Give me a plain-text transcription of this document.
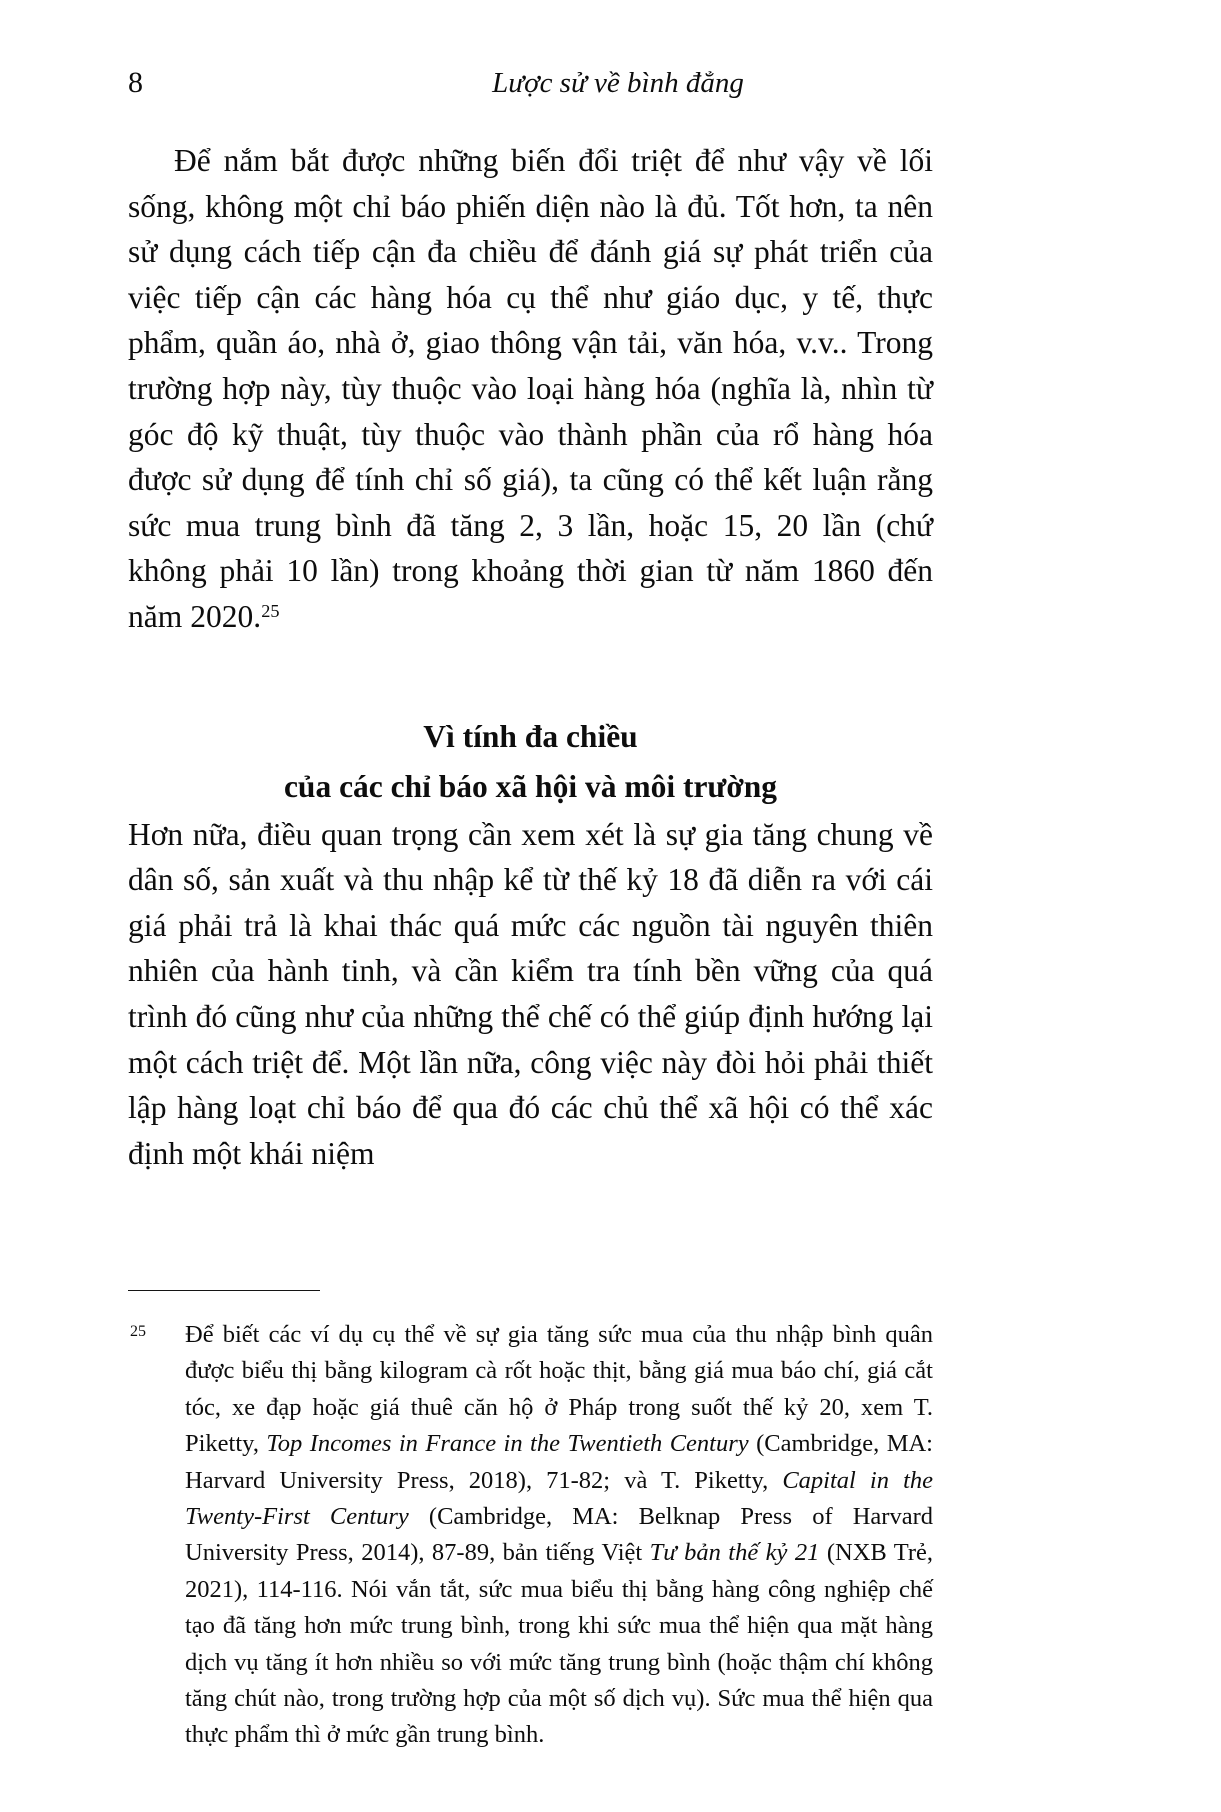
8	Lược sử về bình đẳng

Để nắm bắt được những biến đổi triệt để như vậy về lối sống, không một chỉ báo phiến diện nào là đủ. Tốt hơn, ta nên sử dụng cách tiếp cận đa chiều để đánh giá sự phát triển của việc tiếp cận các hàng hóa cụ thể như giáo dục, y tế, thực phẩm, quần áo, nhà ở, giao thông vận tải, văn hóa, v.v.. Trong trường hợp này, tùy thuộc vào loại hàng hóa (nghĩa là, nhìn từ góc độ kỹ thuật, tùy thuộc vào thành phần của rổ hàng hóa được sử dụng để tính chỉ số giá), ta cũng có thể kết luận rằng sức mua trung bình đã tăng 2, 3 lần, hoặc 15, 20 lần (chứ không phải 10 lần) trong khoảng thời gian từ năm 1860 đến năm 2020.25

Vì tính đa chiều
của các chỉ báo xã hội và môi trường

Hơn nữa, điều quan trọng cần xem xét là sự gia tăng chung về dân số, sản xuất và thu nhập kể từ thế kỷ 18 đã diễn ra với cái giá phải trả là khai thác quá mức các nguồn tài nguyên thiên nhiên của hành tinh, và cần kiểm tra tính bền vững của quá trình đó cũng như của những thể chế có thể giúp định hướng lại một cách triệt để. Một lần nữa, công việc này đòi hỏi phải thiết lập hàng loạt chỉ báo để qua đó các chủ thể xã hội có thể xác định một khái niệm

25 Để biết các ví dụ cụ thể về sự gia tăng sức mua của thu nhập bình quân được biểu thị bằng kilogram cà rốt hoặc thịt, bằng giá mua báo chí, giá cắt tóc, xe đạp hoặc giá thuê căn hộ ở Pháp trong suốt thế kỷ 20, xem T. Piketty, Top Incomes in France in the Twentieth Century (Cambridge, MA: Harvard University Press, 2018), 71-82; và T. Piketty, Capital in the Twenty-First Century (Cambridge, MA: Belknap Press of Harvard University Press, 2014), 87-89, bản tiếng Việt Tư bản thế kỷ 21 (NXB Trẻ, 2021), 114-116. Nói vắn tắt, sức mua biểu thị bằng hàng công nghiệp chế tạo đã tăng hơn mức trung bình, trong khi sức mua thể hiện qua mặt hàng dịch vụ tăng ít hơn nhiều so với mức tăng trung bình (hoặc thậm chí không tăng chút nào, trong trường hợp của một số dịch vụ). Sức mua thể hiện qua thực phẩm thì ở mức gần trung bình.
